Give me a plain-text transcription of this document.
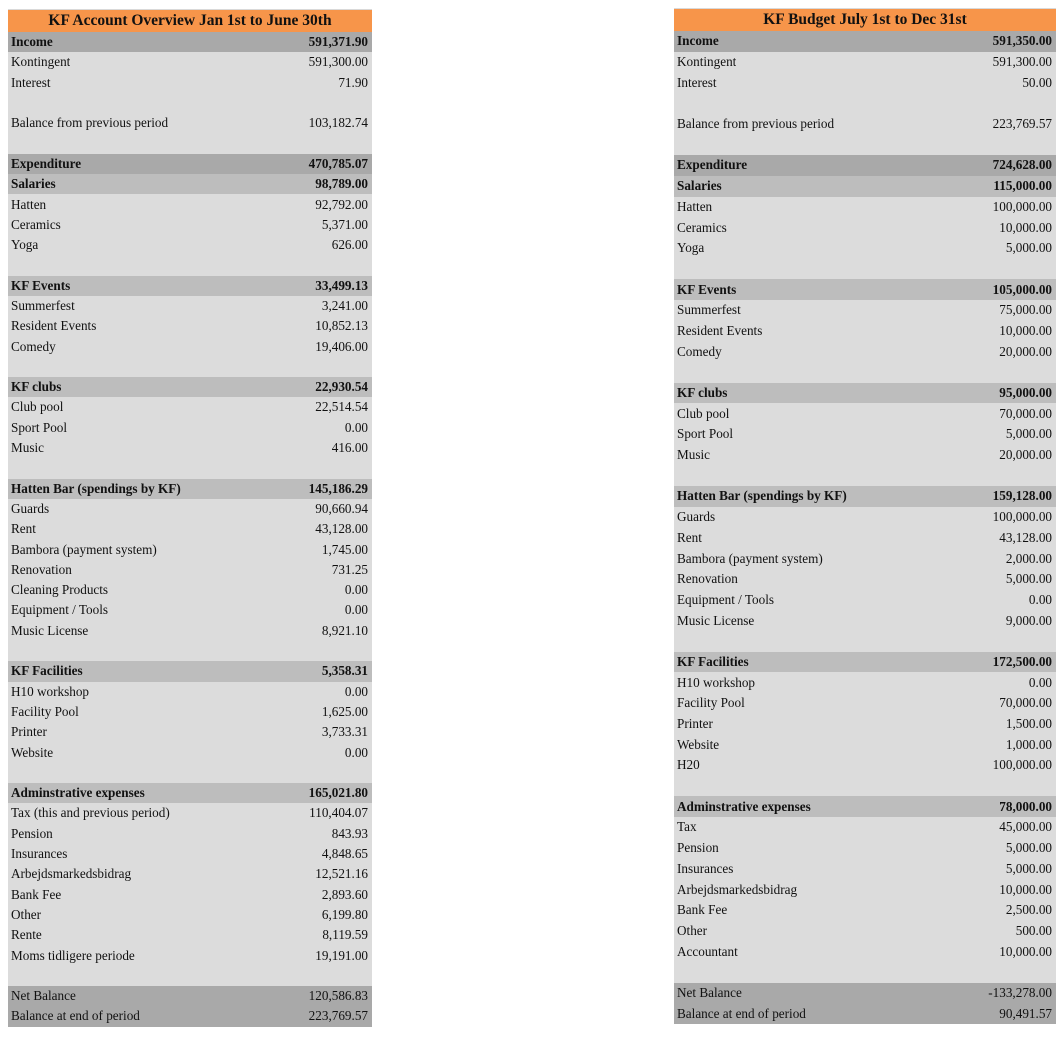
KF Account Overview Jan 1st to June 30th
Income	591,371.90
Kontingent	591,300.00
Interest	71.90
Balance from previous period	103,182.74
Expenditure	470,785.07
Salaries	98,789.00
Hatten	92,792.00
Ceramics	5,371.00
Yoga	626.00
KF Events	33,499.13
Summerfest	3,241.00
Resident Events	10,852.13
Comedy	19,406.00
KF clubs	22,930.54
Club pool	22,514.54
Sport Pool	0.00
Music	416.00
Hatten Bar (spendings by KF)	145,186.29
Guards	90,660.94
Rent	43,128.00
Bambora (payment system)	1,745.00
Renovation	731.25
Cleaning Products	0.00
Equipment / Tools	0.00
Music License	8,921.10
KF Facilities	5,358.31
H10 workshop	0.00
Facility Pool	1,625.00
Printer	3,733.31
Website	0.00
Adminstrative expenses	165,021.80
Tax (this and previous period)	110,404.07
Pension	843.93
Insurances	4,848.65
Arbejdsmarkedsbidrag	12,521.16
Bank Fee	2,893.60
Other	6,199.80
Rente	8,119.59
Moms tidligere periode	19,191.00
Net Balance	120,586.83
Balance at end of period	223,769.57
KF Budget July 1st to Dec 31st
Income	591,350.00
Kontingent	591,300.00
Interest	50.00
Balance from previous period	223,769.57
Expenditure	724,628.00
Salaries	115,000.00
Hatten	100,000.00
Ceramics	10,000.00
Yoga	5,000.00
KF Events	105,000.00
Summerfest	75,000.00
Resident Events	10,000.00
Comedy	20,000.00
KF clubs	95,000.00
Club pool	70,000.00
Sport Pool	5,000.00
Music	20,000.00
Hatten Bar (spendings by KF)	159,128.00
Guards	100,000.00
Rent	43,128.00
Bambora (payment system)	2,000.00
Renovation	5,000.00
Equipment / Tools	0.00
Music License	9,000.00
KF Facilities	172,500.00
H10 workshop	0.00
Facility Pool	70,000.00
Printer	1,500.00
Website	1,000.00
H20	100,000.00
Adminstrative expenses	78,000.00
Tax	45,000.00
Pension	5,000.00
Insurances	5,000.00
Arbejdsmarkedsbidrag	10,000.00
Bank Fee	2,500.00
Other	500.00
Accountant	10,000.00
Net Balance	-133,278.00
Balance at end of period	90,491.57
